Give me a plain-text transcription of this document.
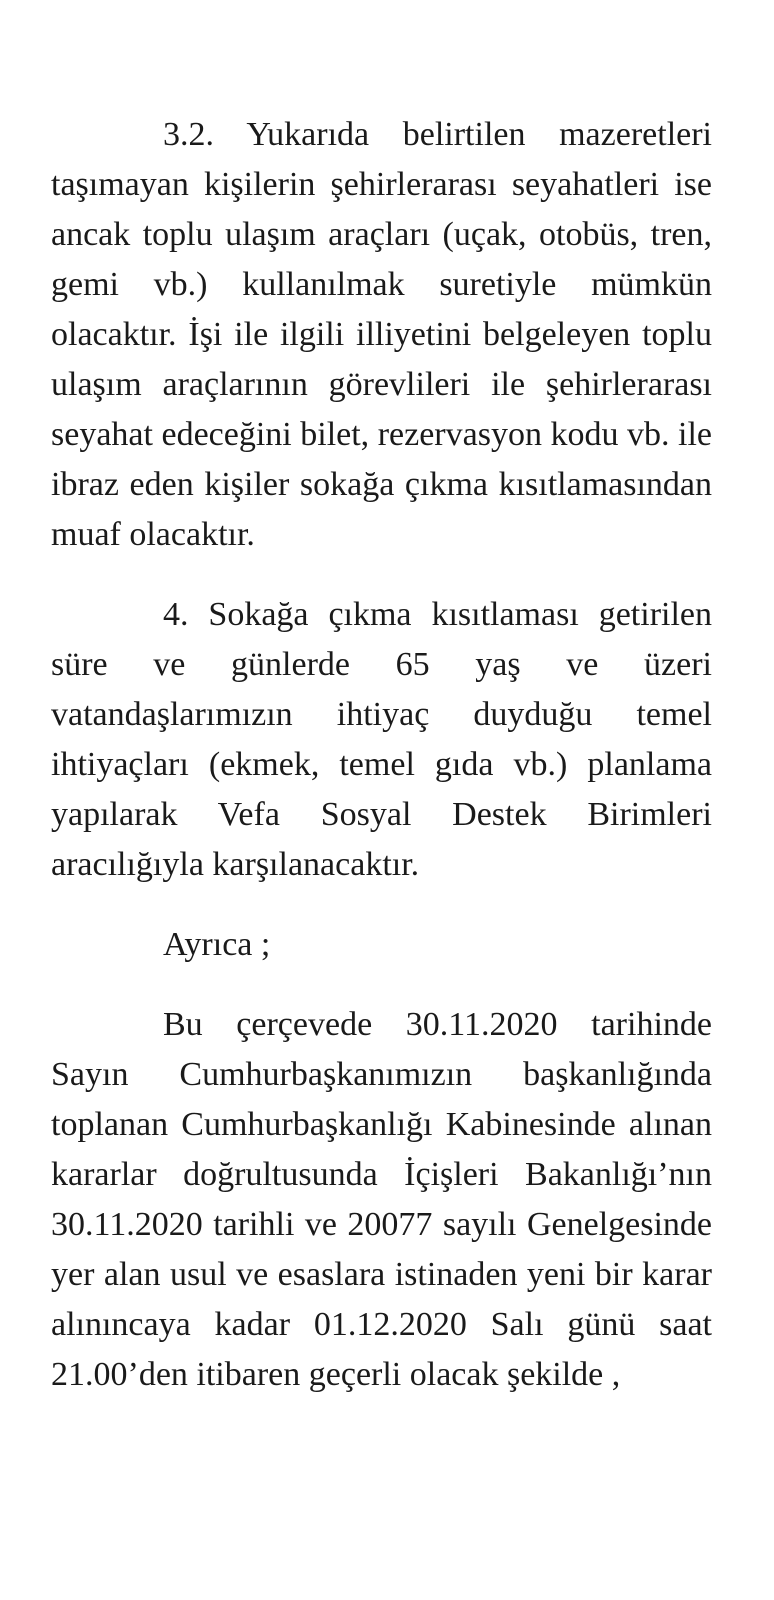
3.2. Yukarıda belirtilen mazeretleri taşımayan kişilerin şehirlerarası seyahatleri ise ancak toplu ulaşım araçları (uçak, otobüs, tren, gemi vb.) kullanılmak suretiyle mümkün olacaktır. İşi ile ilgili illiyetini belgeleyen toplu ulaşım araçlarının görevlileri ile şehirlerarası seyahat edeceğini bilet, rezervasyon kodu vb. ile ibraz eden kişiler sokağa çıkma kısıtlamasından muaf olacaktır.

4. Sokağa çıkma kısıtlaması getirilen süre ve günlerde 65 yaş ve üzeri vatandaşlarımızın ihtiyaç duyduğu temel ihtiyaçları (ekmek, temel gıda vb.) planlama yapılarak Vefa Sosyal Destek Birimleri aracılığıyla karşılanacaktır.

Ayrıca ;

Bu çerçevede 30.11.2020 tarihinde Sayın Cumhurbaşkanımızın başkanlığında toplanan Cumhurbaşkanlığı Kabinesinde alınan kararlar doğrultusunda İçişleri Bakanlığı’nın 30.11.2020 tarihli ve 20077 sayılı Genelgesinde yer alan usul ve esaslara istinaden yeni bir karar alınıncaya kadar 01.12.2020 Salı günü saat 21.00’den itibaren geçerli olacak şekilde ,
